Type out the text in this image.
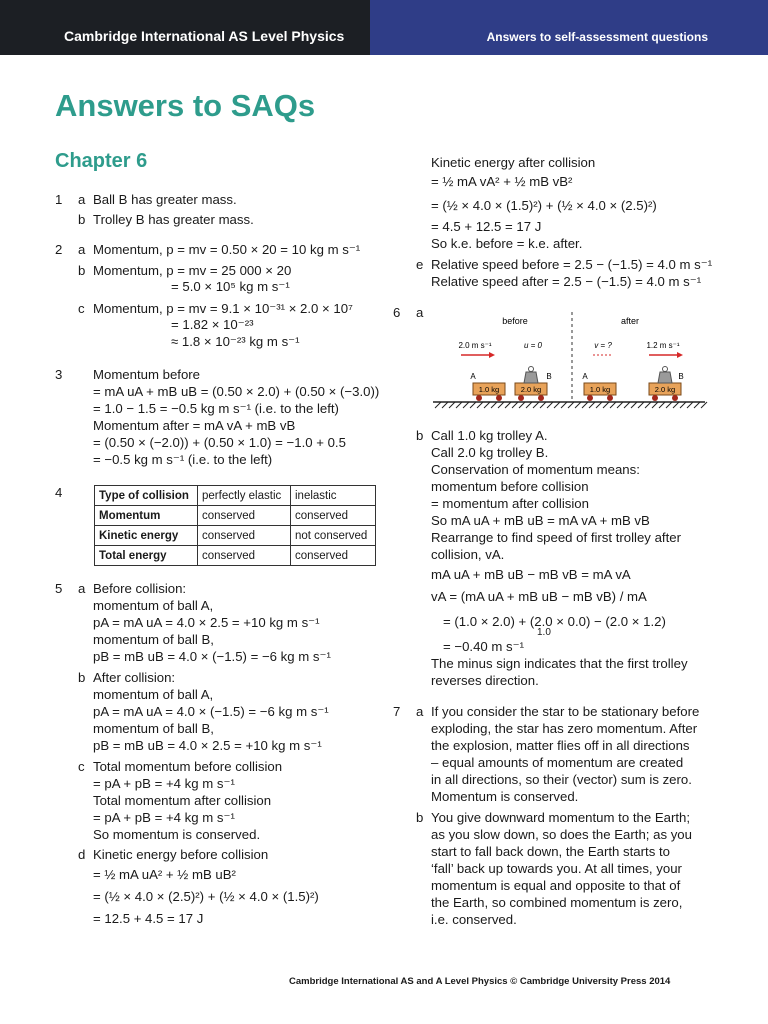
Cambridge International AS Level Physics	Answers to self-assessment questions
Answers to SAQs
Chapter 6
1 a Ball B has greater mass.
b Trolley B has greater mass.
2 a Momentum, p = mv = 0.50 × 20 = 10 kg m s⁻¹
b Momentum, p = mv = 25 000 × 20
= 5.0 × 10⁵ kg m s⁻¹
c Momentum, p = mv = 9.1 × 10⁻³¹ × 2.0 × 10⁷
= 1.82 × 10⁻²³
≈ 1.8 × 10⁻²³ kg m s⁻¹
3 Momentum before
= mA uA + mB uB = (0.50 × 2.0) + (0.50 × (−3.0))
= 1.0 − 1.5 = −0.5 kg m s⁻¹ (i.e. to the left)
Momentum after = mA vA + mB vB
= (0.50 × (−2.0)) + (0.50 × 1.0) = −1.0 + 0.5
= −0.5 kg m s⁻¹ (i.e. to the left)
4
5 a Before collision:
momentum of ball A,
pA = mA uA = 4.0 × 2.5 = +10 kg m s⁻¹
momentum of ball B,
pB = mB uB = 4.0 × (−1.5) = −6 kg m s⁻¹
b After collision:
momentum of ball A,
pA = mA uA = 4.0 × (−1.5) = −6 kg m s⁻¹
momentum of ball B,
pB = mB uB = 4.0 × 2.5 = +10 kg m s⁻¹
c Total momentum before collision
= pA + pB = +4 kg m s⁻¹
Total momentum after collision
= pA + pB = +4 kg m s⁻¹
So momentum is conserved.
d Kinetic energy before collision
= ½ mA uA² + ½ mB uB²
= (½ × 4.0 × (2.5)²) + (½ × 4.0 × (1.5)²)
= 12.5 + 4.5 = 17 J
Kinetic energy after collision
= ½ mA vA² + ½ mB vB²
= (½ × 4.0 × (1.5)²) + (½ × 4.0 × (2.5)²)
= 4.5 + 12.5 = 17 J
So k.e. before = k.e. after.
e Relative speed before = 2.5 − (−1.5) = 4.0 m s⁻¹
Relative speed after = 2.5 − (−1.5) = 4.0 m s⁻¹
6 a
b Call 1.0 kg trolley A.
Call 2.0 kg trolley B.
Conservation of momentum means:
momentum before collision
= momentum after collision
So mA uA + mB uB = mA vA + mB vB
Rearrange to find speed of first trolley after
collision, vA.
mA uA + mB uB − mB vB = mA vA
vA = (mA uA + mB uB − mB vB) / mA
= (1.0 × 2.0) + (2.0 × 0.0) − (2.0 × 1.2)
1.0
= −0.40 m s⁻¹
The minus sign indicates that the first trolley
reverses direction.
7 a If you consider the star to be stationary before
exploding, the star has zero momentum. After
the explosion, matter flies off in all directions
– equal amounts of momentum are created
in all directions, so their (vector) sum is zero.
Momentum is conserved.
b You give downward momentum to the Earth;
as you slow down, so does the Earth; as you
start to fall back down, the Earth starts to
‘fall’ back up towards you. At all times, your
momentum is equal and opposite to that of
the Earth, so combined momentum is zero,
i.e. conserved.
Type of collision	perfectly elastic	inelastic
Momentum	conserved	conserved
Kinetic energy	conserved	not conserved
Total energy	conserved	conserved
before	after
2.0 m s⁻¹	u = 0	v = ?	1.2 m s⁻¹
A	B	A	B
1.0 kg	2.0 kg	1.0 kg	2.0 kg
Cambridge International AS and A Level Physics © Cambridge University Press 2014
